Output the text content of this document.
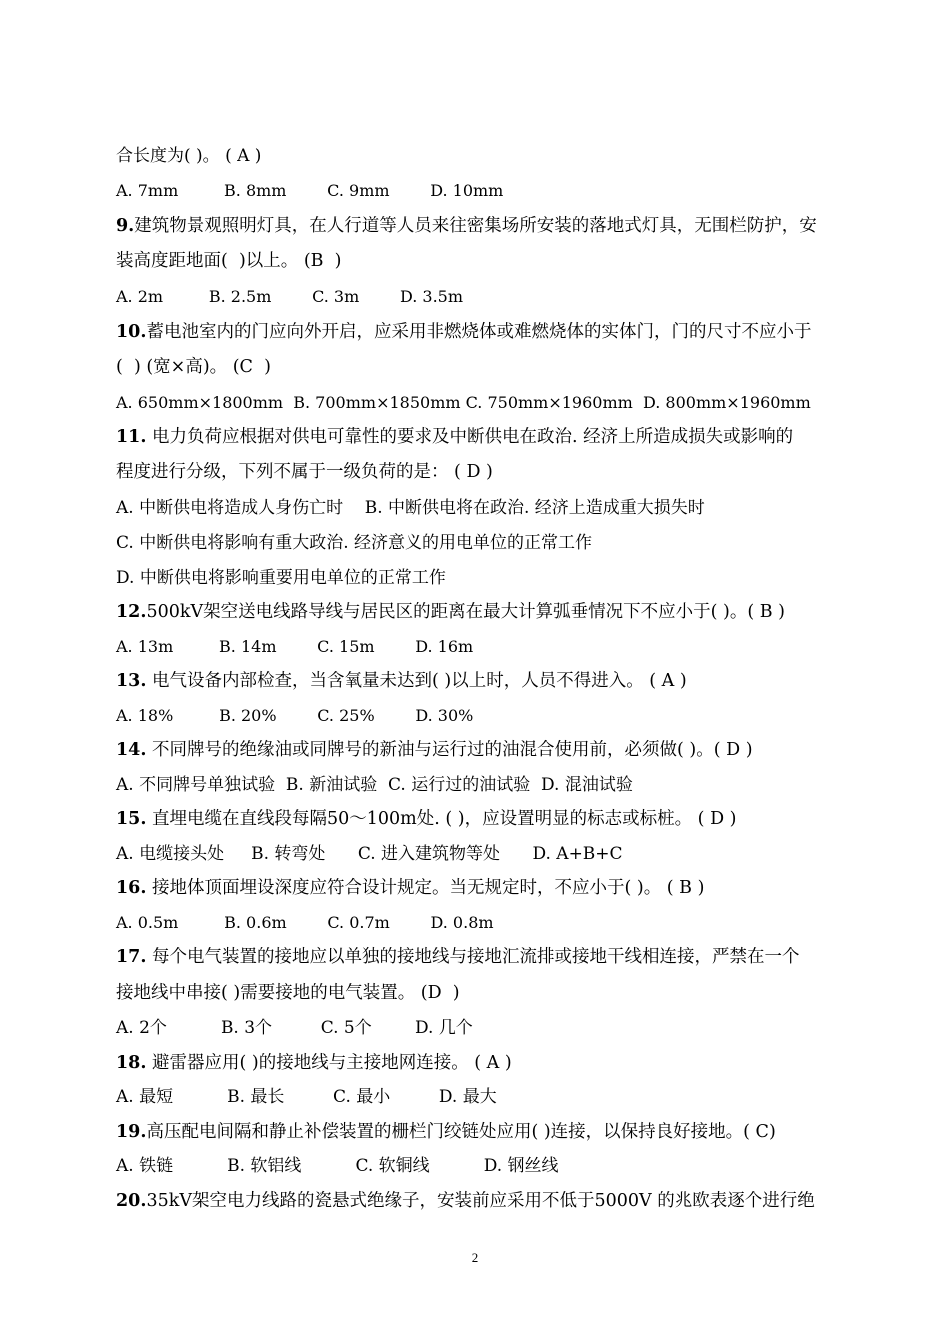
合长度为( )。 ( A )
A. 7mm         B. 8mm        C. 9mm        D. 10mm
9.建筑物景观照明灯具，在人行道等人员来往密集场所安装的落地式灯具，无围栏防护，安
装高度距地面(  )以上。 (B  )
A. 2m         B. 2.5m        C. 3m        D. 3.5m
10.蓄电池室内的门应向外开启，应采用非燃烧体或难燃烧体的实体门，门的尺寸不应小于
(  ) (宽×高)。 (C  )
A. 650mm×1800mm  B. 700mm×1850mm C. 750mm×1960mm  D. 800mm×1960mm
11. 电力负荷应根据对供电可靠性的要求及中断供电在政治. 经济上所造成损失或影响的
程度进行分级，下列不属于一级负荷的是： ( D )
A. 中断供电将造成人身伤亡时    B. 中断供电将在政治. 经济上造成重大损失时
C. 中断供电将影响有重大政治. 经济意义的用电单位的正常工作
D. 中断供电将影响重要用电单位的正常工作
12.500kV架空送电线路导线与居民区的距离在最大计算弧垂情况下不应小于( )。( B )
A. 13m         B. 14m        C. 15m        D. 16m
13. 电气设备内部检查，当含氧量未达到( )以上时，人员不得进入。 ( A )
A. 18%         B. 20%        C. 25%        D. 30%
14. 不同牌号的绝缘油或同牌号的新油与运行过的油混合使用前，必须做( )。( D )
A. 不同牌号单独试验  B. 新油试验  C. 运行过的油试验  D. 混油试验
15. 直埋电缆在直线段每隔50～100m处. ( )，应设置明显的标志或标桩。 ( D )
A. 电缆接头处     B. 转弯处      C. 进入建筑物等处      D. A+B+C
16. 接地体顶面埋设深度应符合设计规定。当无规定时，不应小于( )。 ( B )
A. 0.5m         B. 0.6m        C. 0.7m        D. 0.8m
17. 每个电气装置的接地应以单独的接地线与接地汇流排或接地干线相连接，严禁在一个
接地线中串接( )需要接地的电气装置。 (D  )
A. 2个          B. 3个         C. 5个        D. 几个
18. 避雷器应用( )的接地线与主接地网连接。 ( A )
A. 最短          B. 最长         C. 最小         D. 最大
19.高压配电间隔和静止补偿装置的栅栏门绞链处应用( )连接，以保持良好接地。( C)
A. 铁链          B. 软铝线          C. 软铜线          D. 钢丝线
20.35kV架空电力线路的瓷悬式绝缘子，安装前应采用不低于5000V 的兆欧表逐个进行绝
2
